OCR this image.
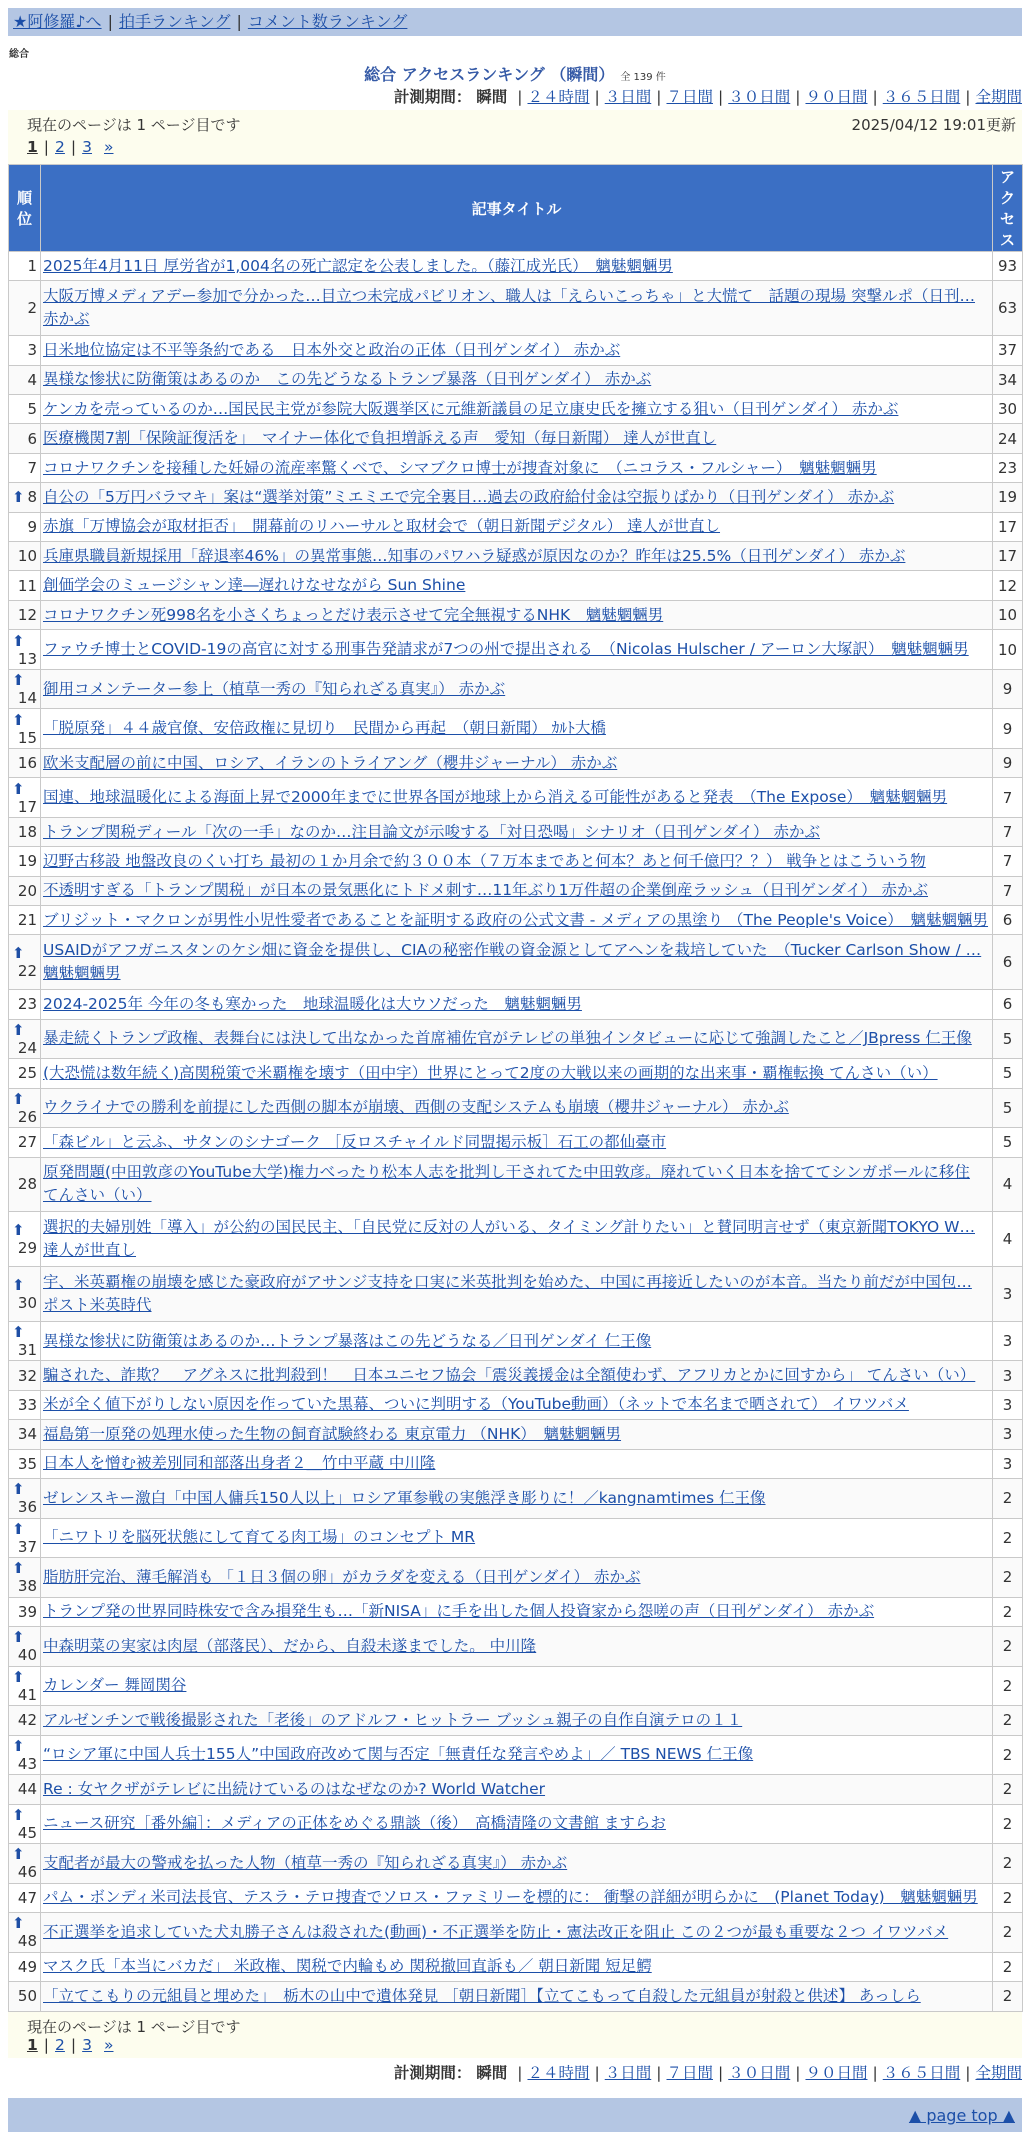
★阿修羅♪へ | 拍手ランキング | コメント数ランキング
総合
総合 アクセスランキング （瞬間） 全 139 件
計測期間： 瞬間 | ２４時間 | ３日間 | ７日間 | ３０日間 | ９０日間 | ３６５日間 | 全期間
現在のページは 1 ページ目です	2025/04/12 19:01更新
1 | 2 | 3 »
順位	記事タイトル	アクセス
1	2025年4月11日 厚労省が1,004名の死亡認定を公表しました。（藤江成光氏）　魑魅魍魎男	93
2	大阪万博メディアデー参加で分かった…目立つ未完成パビリオン、職人は「えらいこっちゃ」と大慌て　話題の現場 突撃ルポ（日刊… 赤かぶ	63
3	日米地位協定は不平等条約である　日本外交と政治の正体（日刊ゲンダイ） 赤かぶ	37
4	異様な惨状に防衛策はあるのか　この先どうなるトランプ暴落（日刊ゲンダイ） 赤かぶ	34
5	ケンカを売っているのか…国民民主党が参院大阪選挙区に元維新議員の足立康史氏を擁立する狙い（日刊ゲンダイ） 赤かぶ	30
6	医療機関7割「保険証復活を」　マイナー体化で負担増訴える声　愛知（毎日新聞） 達人が世直し	24
7	コロナワクチンを接種した妊婦の流産率驚くべで、シマブクロ博士が捜査対象に　（ニコラス・フルシャー）　魑魅魍魎男	23

⬆ 8	自公の「5万円バラマキ」案は“選挙対策”ミエミエで完全裏目…過去の政府給付金は空振りばかり（日刊ゲンダイ） 赤かぶ	19
9	赤旗「万博協会が取材拒否」　開幕前のリハーサルと取材会で（朝日新聞デジタル） 達人が世直し	17
10	兵庫県職員新規採用「辞退率46%」の異常事態…知事のパワハラ疑惑が原因なのか？昨年は25.5%（日刊ゲンダイ） 赤かぶ	17
11	創価学会のミュージシャン達―遅れけなせながら Sun Shine	12
12	コロナワクチン死998名を小さくちょっとだけ表示させて完全無視するNHK　魑魅魍魎男	10

⬆
13	ファウチ博士とCOVID-19の高官に対する刑事告発請求が7つの州で提出される　（Nicolas Hulscher / アーロン大塚訳）　魑魅魍魎男	10

⬆
14	御用コメンテーター参上（植草一秀の『知られざる真実』） 赤かぶ	9

⬆
15	「脱原発」４４歳官僚、安倍政権に見切り　民間から再起　（朝日新聞） ｶﾙﾄ大橋	9
16	欧米支配層の前に中国、ロシア、イランのトライアング（櫻井ジャーナル） 赤かぶ	9

⬆
17	国連、地球温暖化による海面上昇で2000年までに世界各国が地球上から消える可能性があると発表　（The Expose）　魑魅魍魎男	7
18	トランプ関税ディール「次の一手」なのか…注目論文が示唆する「対日恐喝」シナリオ（日刊ゲンダイ） 赤かぶ	7
19	辺野古移設 地盤改良のくい打ち 最初の１か月余で約３００本（７万本まであと何本？あと何千億円？？） 戦争とはこういう物	7
20	不透明すぎる「トランプ関税」が日本の景気悪化にトドメ刺す…11年ぶり1万件超の企業倒産ラッシュ（日刊ゲンダイ） 赤かぶ	7
21	ブリジット・マクロンが男性小児性愛者であることを証明する政府の公式文書 - メディアの黒塗り （The People's Voice）　魑魅魍魎男	6

⬆
22	USAIDがアフガニスタンのケシ畑に資金を提供し、CIAの秘密作戦の資金源としてアヘンを栽培していた　（Tucker Carlson Show / … 魑魅魍魎男	6
23	2024-2025年 今年の冬も寒かった　地球温暖化は大ウソだった　魑魅魍魎男	6

⬆
24	暴走続くトランプ政権、表舞台には決して出なかった首席補佐官がテレビの単独インタビューに応じて強調したこと／JBpress 仁王像	5
25	(大恐慌は数年続く)高関税策で米覇権を壊す（田中宇）世界にとって2度の大戦以来の画期的な出来事・覇権転換 てんさい（い）	5

⬆
26	ウクライナでの勝利を前提にした西側の脚本が崩壊、西側の支配システムも崩壊（櫻井ジャーナル） 赤かぶ	5
27	「森ビル」と云ふ、サタンのシナゴーク ［反ロスチャイルド同盟掲示板］石工の都仙臺市	5
28	原発問題(中田敦彦のYouTube大学)権力べったり松本人志を批判し干されてた中田敦彦。廃れていく日本を捨ててシンガポールに移住 てんさい（い）	4

⬆
29	選択的夫婦別姓「導入」が公約の国民民主、「自民党に反対の人がいる、タイミング計りたい」と賛同明言せず（東京新聞TOKYO W… 達人が世直し	4

⬆
30	宇、米英覇権の崩壊を感じた豪政府がアサンジ支持を口実に米英批判を始めた、中国に再接近したいのが本音。当たり前だが中国包… ポスト米英時代	3

⬆
31	異様な惨状に防衛策はあるのか…トランプ暴落はこの先どうなる／日刊ゲンダイ 仁王像	3
32	騙された、詐欺？　アグネスに批判殺到！　日本ユニセフ協会「震災義援金は全額使わず、アフリカとかに回すから」 てんさい（い）	3
33	米が全く値下がりしない原因を作っていた黒幕、ついに判明する（YouTube動画）（ネットで本名まで晒されて） イワツバメ	3
34	福島第一原発の処理水使った生物の飼育試験終わる 東京電力 （NHK）　魑魅魍魎男	3
35	日本人を憎む被差別同和部落出身者２＿竹中平蔵 中川隆	3

⬆
36	ゼレンスキー激白「中国人傭兵150人以上」ロシア軍参戦の実態浮き彫りに！／kangnamtimes 仁王像	2

⬆
37	「ニワトリを脳死状態にして育てる肉工場」のコンセプト MR	2

⬆
38	脂肪肝完治、薄毛解消も 「１日３個の卵」がカラダを変える（日刊ゲンダイ） 赤かぶ	2
39	トランプ発の世界同時株安で含み損発生も…「新NISA」に手を出した個人投資家から怨嗟の声（日刊ゲンダイ） 赤かぶ	2

⬆
40	中森明菜の実家は肉屋（部落民）、だから、自殺未遂までした。 中川隆	2

⬆
41	カレンダー 舞岡関谷	2
42	アルゼンチンで戦後撮影された「老後」のアドルフ・ヒットラー ブッシュ親子の自作自演テロの１１	2

⬆
43	“ロシア軍に中国人兵士155人”中国政府改めて関与否定「無責任な発言やめよ」／ TBS NEWS 仁王像	2
44	Re : 女ヤクザがテレビに出続けているのはなぜなのか? World Watcher	2

⬆
45	ニュース研究［番外編］：メディアの正体をめぐる鼎談（後）　高橋清隆の文書館 ますらお	2

⬆
46	支配者が最大の警戒を払った人物（植草一秀の『知られざる真実』） 赤かぶ	2
47	パム・ボンディ米司法長官、テスラ・テロ捜査でソロス・ファミリーを標的に： 衝撃の詳細が明らかに　(Planet Today)　魑魅魍魎男	2

⬆
48	不正選挙を追求していた犬丸勝子さんは殺された(動画)・不正選挙を防止・憲法改正を阻止 この２つが最も重要な２つ イワツバメ	2
49	マスク氏「本当にバカだ」 米政権、関税で内輪もめ 関税撤回直訴も／ 朝日新聞 短足鰐	2
50	「立てこもりの元組員と埋めた」　栃木の山中で遺体発見 ［朝日新聞］【立てこもって自殺した元組員が射殺と供述】 あっしら	2
現在のページは 1 ページ目です
1 | 2 | 3 »
計測期間： 瞬間 | ２４時間 | ３日間 | ７日間 | ３０日間 | ９０日間 | ３６５日間 | 全期間
▲ page top ▲
